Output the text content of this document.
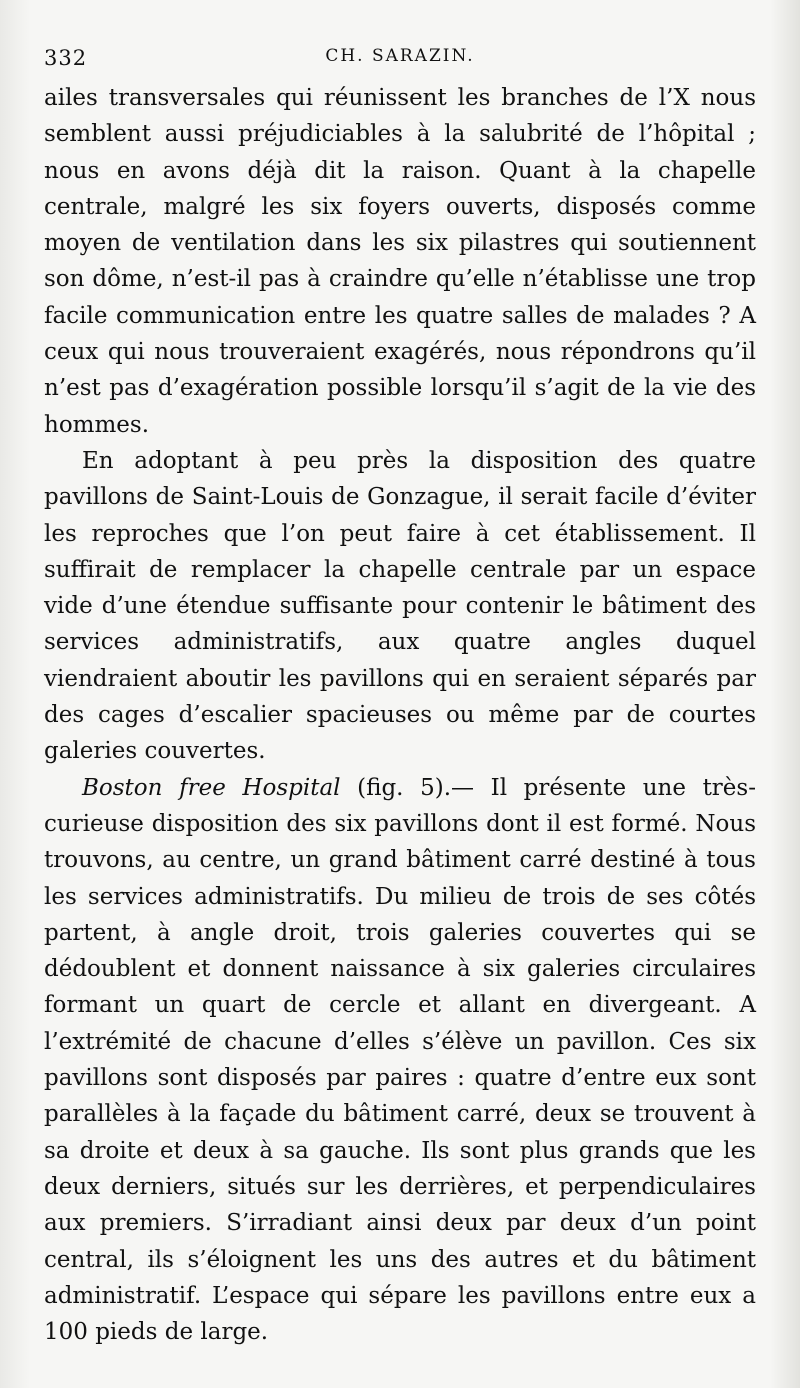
332	CH. SARAZIN.

ailes transversales qui réunissent les branches de l’X nous semblent aussi préjudiciables à la salubrité de l’hôpital ; nous en avons déjà dit la raison. Quant à la chapelle centrale, malgré les six foyers ouverts, disposés comme moyen de ventilation dans les six pilastres qui soutiennent son dôme, n’est-il pas à craindre qu’elle n’établisse une trop facile communication entre les quatre salles de malades ? A ceux qui nous trouveraient exagérés, nous répondrons qu’il n’est pas d’exagération possible lorsqu’il s’agit de la vie des hommes.

En adoptant à peu près la disposition des quatre pavillons de Saint-Louis de Gonzague, il serait facile d’éviter les reproches que l’on peut faire à cet établissement. Il suffirait de remplacer la chapelle centrale par un espace vide d’une étendue suffisante pour contenir le bâtiment des services administratifs, aux quatre angles duquel viendraient aboutir les pavillons qui en seraient séparés par des cages d’escalier spacieuses ou même par de courtes galeries couvertes.

Boston free Hospital (fig. 5).— Il présente une très-curieuse disposition des six pavillons dont il est formé. Nous trouvons, au centre, un grand bâtiment carré destiné à tous les services administratifs. Du milieu de trois de ses côtés partent, à angle droit, trois galeries couvertes qui se dédoublent et donnent naissance à six galeries circulaires formant un quart de cercle et allant en divergeant. A l’extrémité de chacune d’elles s’élève un pavillon. Ces six pavillons sont disposés par paires : quatre d’entre eux sont parallèles à la façade du bâtiment carré, deux se trouvent à sa droite et deux à sa gauche. Ils sont plus grands que les deux derniers, situés sur les derrières, et perpendiculaires aux premiers. S’irradiant ainsi deux par deux d’un point central, ils s’éloignent les uns des autres et du bâtiment administratif. L’espace qui sépare les pavillons entre eux a 100 pieds de large.
